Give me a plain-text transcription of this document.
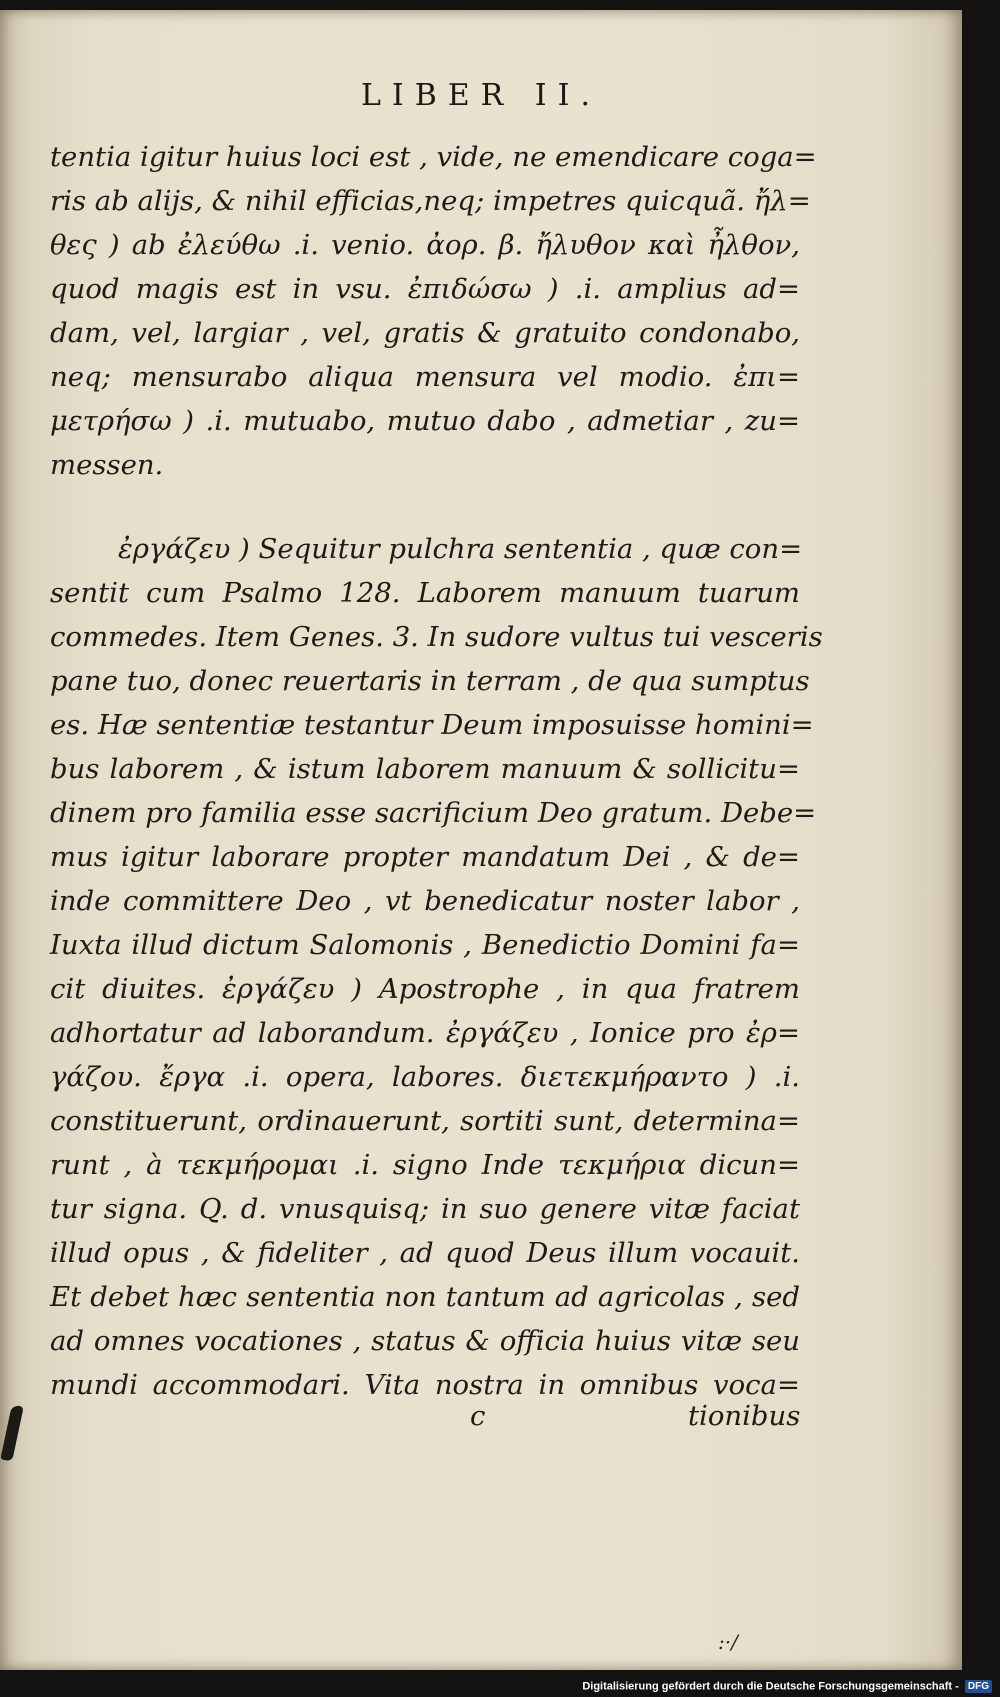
LIBER II.
tentia igitur huius loci est , vide, ne emendicare coga=
ris ab alijs, & nihil efficias,neq; impetres quicquã. ἤλ=
θες ) ab ἐλεύθω .i. venio. ἀορ. β. ἤλυθον καὶ ἦλθον,
quod magis est in vsu. ἐπιδώσω ) .i. amplius ad=
dam, vel, largiar , vel, gratis & gratuito condonabo,
neq; mensurabo aliqua mensura vel modio. ἐπι=
μετρήσω ) .i. mutuabo, mutuo dabo , admetiar , zu=
messen.
ἐργάζευ ) Sequitur pulchra sententia , quæ con=
sentit cum Psalmo 128. Laborem manuum tuarum
commedes. Item Genes. 3. In sudore vultus tui vesceris
pane tuo, donec reuertaris in terram , de qua sumptus
es. Hæ sententiæ testantur Deum imposuisse homini=
bus laborem , & istum laborem manuum & sollicitu=
dinem pro familia esse sacrificium Deo gratum. Debe=
mus igitur laborare propter mandatum Dei , & de=
inde committere Deo , vt benedicatur noster labor ,
Iuxta illud dictum Salomonis , Benedictio Domini fa=
cit diuites. ἐργάζευ ) Apostrophe , in qua fratrem
adhortatur ad laborandum. ἐργάζευ , Ionice pro ἐρ=
γάζου. ἔργα .i. opera, labores. διετεκμήραντο ) .i.
constituerunt, ordinauerunt, sortiti sunt, determina=
runt , à τεκμήρομαι .i. signo Inde τεκμήρια dicun=
tur signa. Q. d. vnusquisq; in suo genere vitæ faciat
illud opus , & fideliter , ad quod Deus illum vocauit.
Et debet hæc sententia non tantum ad agricolas , sed
ad omnes vocationes , status & officia huius vitæ seu
mundi accommodari. Vita nostra in omnibus voca=
c	tionibus
:·/
Digitalisierung gefördert durch die Deutsche Forschungsgemeinschaft - DFG
